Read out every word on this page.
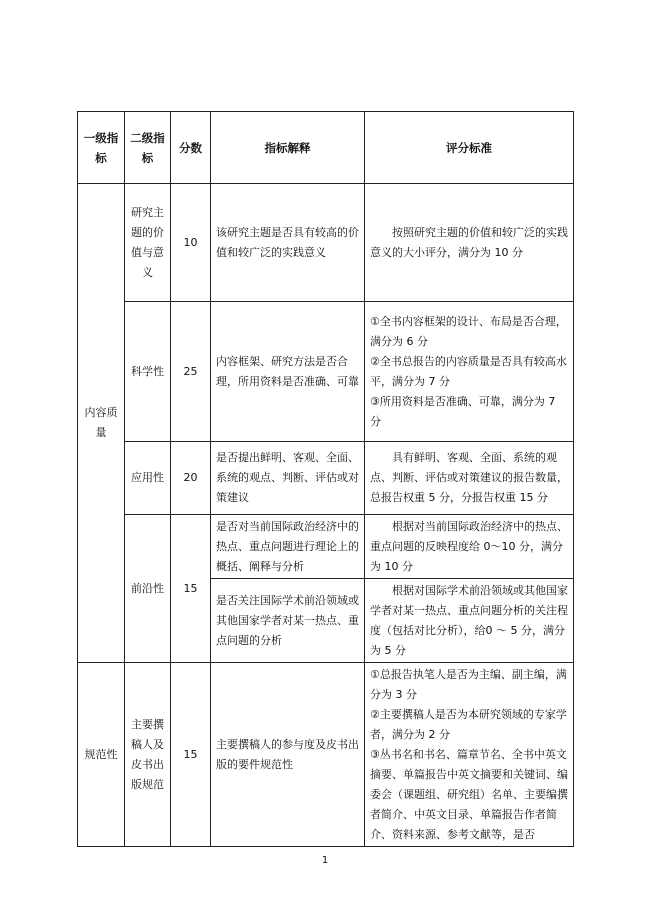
一级指标	二级指标	分数	指标解释	评分标准
内容质量	研究主题的价值与意义	10	该研究主题是否具有较高的价值和较广泛的实践意义	按照研究主题的价值和较广泛的实践意义的大小评分，满分为 10 分
	科学性	25	内容框架、研究方法是否合理，所用资料是否准确、可靠	①全书内容框架的设计、布局是否合理，满分为 6 分
②全书总报告的内容质量是否具有较高水平，满分为 7 分
③所用资料是否准确、可靠，满分为 7 分

	应用性	20	是否提出鲜明、客观、全面、系统的观点、判断、评估或对策建议	具有鲜明、客观、全面、系统的观点、判断、评估或对策建议的报告数量，总报告权重 5 分，分报告权重 15 分
	前沿性	15	是否对当前国际政治经济中的热点、重点问题进行理论上的概括、阐释与分析	根据对当前国际政治经济中的热点、重点问题的反映程度给 0～10 分，满分为 10 分
			是否关注国际学术前沿领域或其他国家学者对某一热点、重点问题的分析	根据对国际学术前沿领域或其他国家学者对某一热点、重点问题分析的关注程度（包括对比分析），给0 ～ 5 分，满分为 5 分

规范性	主要撰稿人及皮书出版规范	15	主要撰稿人的参与度及皮书出版的要件规范性	①总报告执笔人是否为主编、副主编，满分为 3 分
②主要撰稿人是否为本研究领域的专家学者，满分为 2 分
③丛书名和书名、篇章节名、全书中英文摘要、单篇报告中英文摘要和关键词、编委会（课题组、研究组）名单、主要编撰者简介、中英文目录、单篇报告作者简介、资料来源、参考文献等，是否
1
